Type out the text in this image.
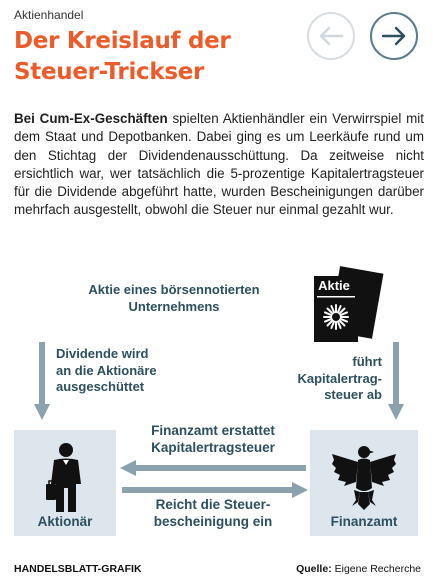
Aktienhandel
Der Kreislauf der
Steuer-Trickser
Bei Cum-Ex-Geschäften spielten Aktienhändler ein Verwirrspiel mit dem Staat und Depotbanken. Dabei ging es um Leerkäufe rund um den Stichtag der Dividendenausschüttung. Da zeitweise nicht ersichtlich war, wer tatsächlich die 5-prozentige Kapitalertragsteuer für die Dividende abgeführt hatte, wurden Bescheinigungen darüber mehrfach ausgestellt, obwohl die Steuer nur einmal gezahlt wur.
Aktie eines börsennotierten
Unternehmens
Aktie
Dividende wird
an die Aktionäre
ausgeschüttet
führt
Kapitalertrag-
steuer ab
Aktionär	Finanzamt
Finanzamt erstattet
Kapitalertragsteuer
Reicht die Steuer-
bescheinigung ein
HANDELSBLATT-GRAFIK	Quelle: Eigene Recherche
